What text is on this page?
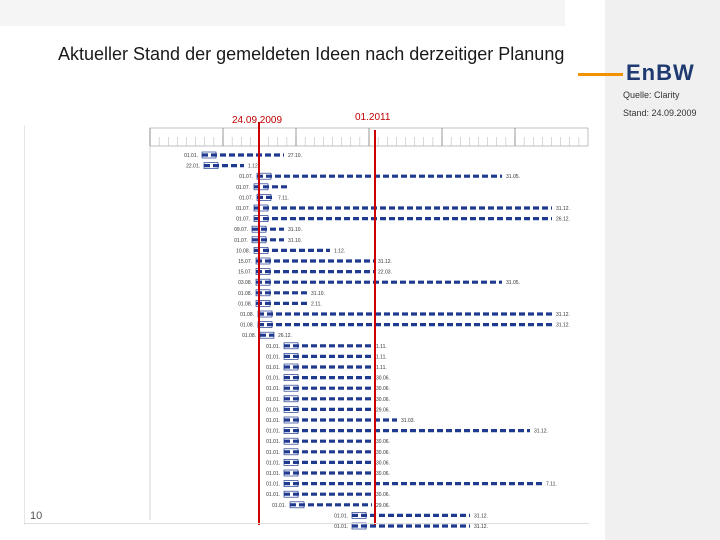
Aktueller Stand der gemeldeten Ideen nach derzeitiger Planung
EnBW
Quelle: Clarity
Stand: 24.09.2009
24.09.2009	01.2011
01.01.	27.10.
22.01.	1.12.
01.07.	31.05.
01.07.
01.07.	7.11.
01.07.	31.12.
01.07.	26.12.
09.07.	31.10.
01.07.	31.10.
10.08.	1.12.
15.07.	31.12.
15.07.	22.03.
03.08.	31.05.
01.08.	31.10.
01.08.	2.11.
01.08.	31.12.
01.08.	31.12.
01.08.	26.12.
01.01.	1.11.
01.01.	1.11.
01.01.	1.11.
01.01.	30.06.
01.01.	30.06.
01.01.	30.06.
01.01.	29.06.
01.01.	31.03.
01.01.	31.12.
01.01.	30.06.
01.01.	30.06.
01.01.	30.06.
01.01.	30.06.
01.01.	7.11.
01.01.	30.06.
01.01.	29.06.
01.01.	31.12.
01.01.	31.12.
10
